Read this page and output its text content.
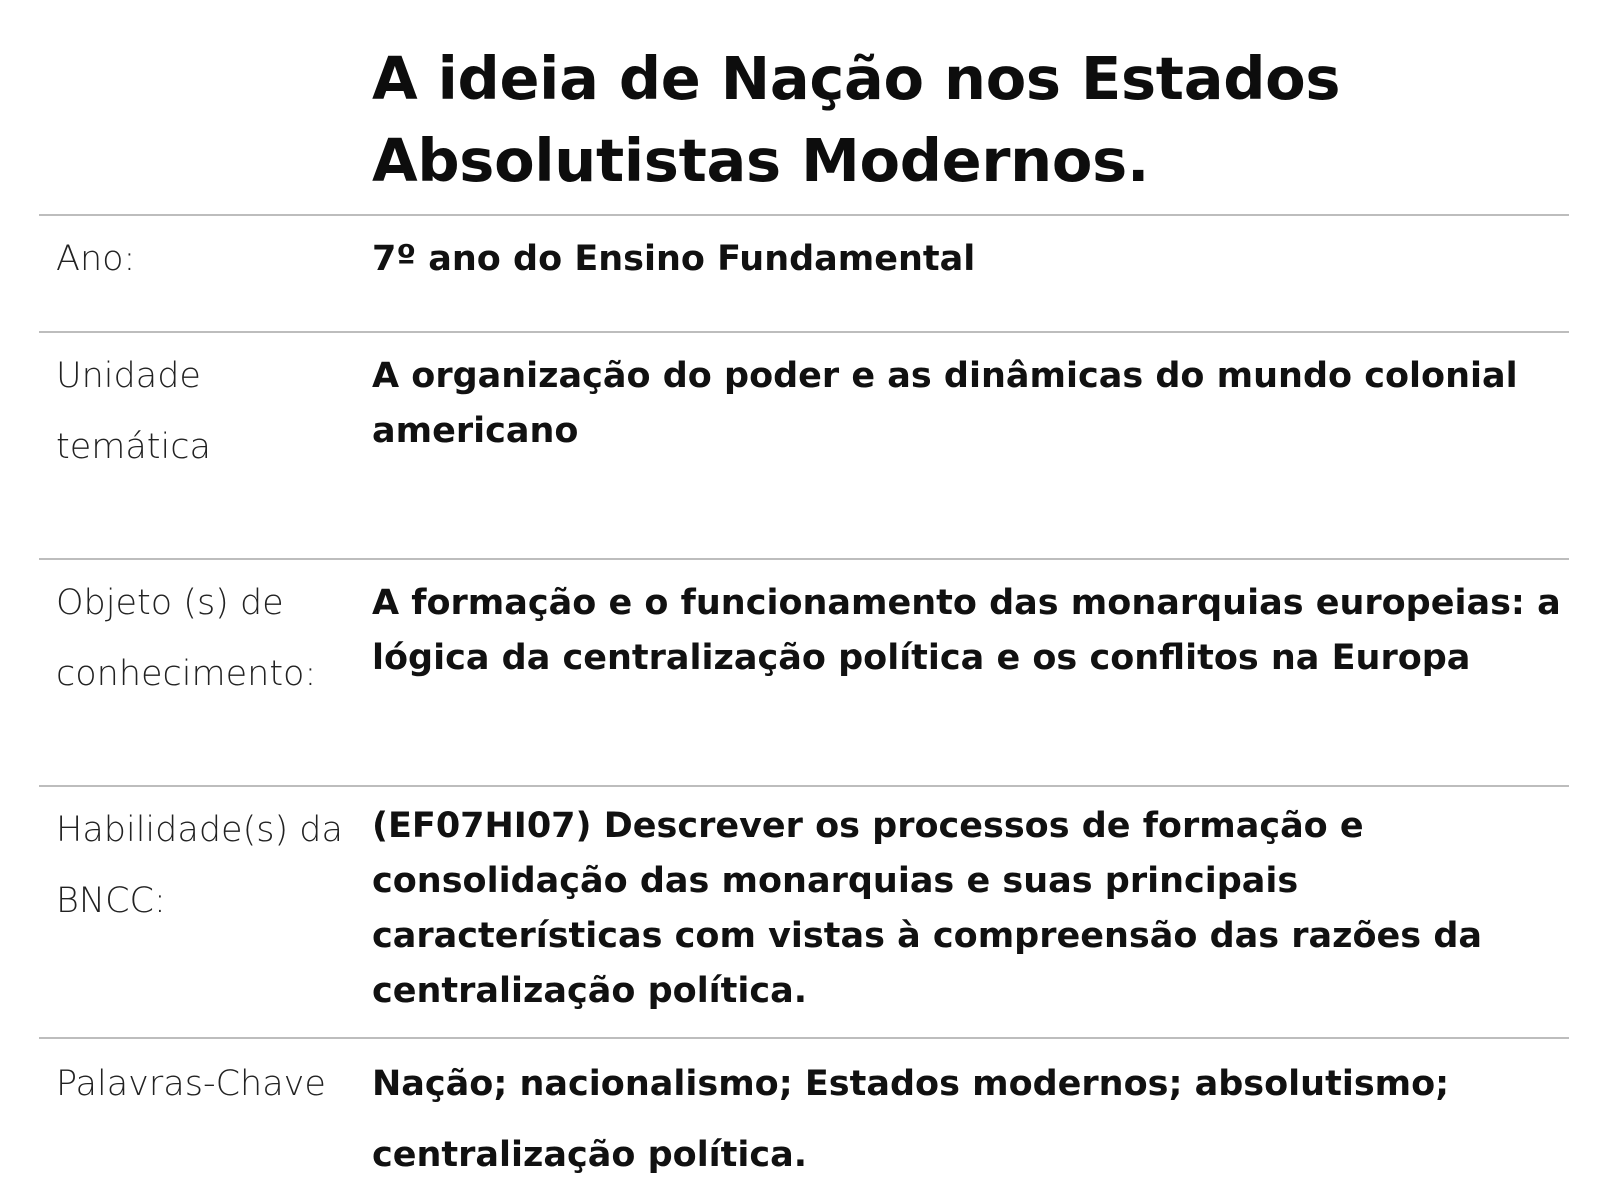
A ideia de Nação nos Estados Absolutistas Modernos.
Ano:	7º ano do Ensino Fundamental
Unidade temática
A organização do poder e as dinâmicas do mundo colonial americano
Objeto (s) de conhecimento:
A formação e o funcionamento das monarquias europeias: a lógica da centralização política e os conflitos na Europa
Habilidade(s) da BNCC:
(EF07HI07) Descrever os processos de formação e consolidação das monarquias e suas principais características com vistas à compreensão das razões da centralização política.
Palavras-Chave Nação; nacionalismo; Estados modernos; absolutismo; centralização política.
